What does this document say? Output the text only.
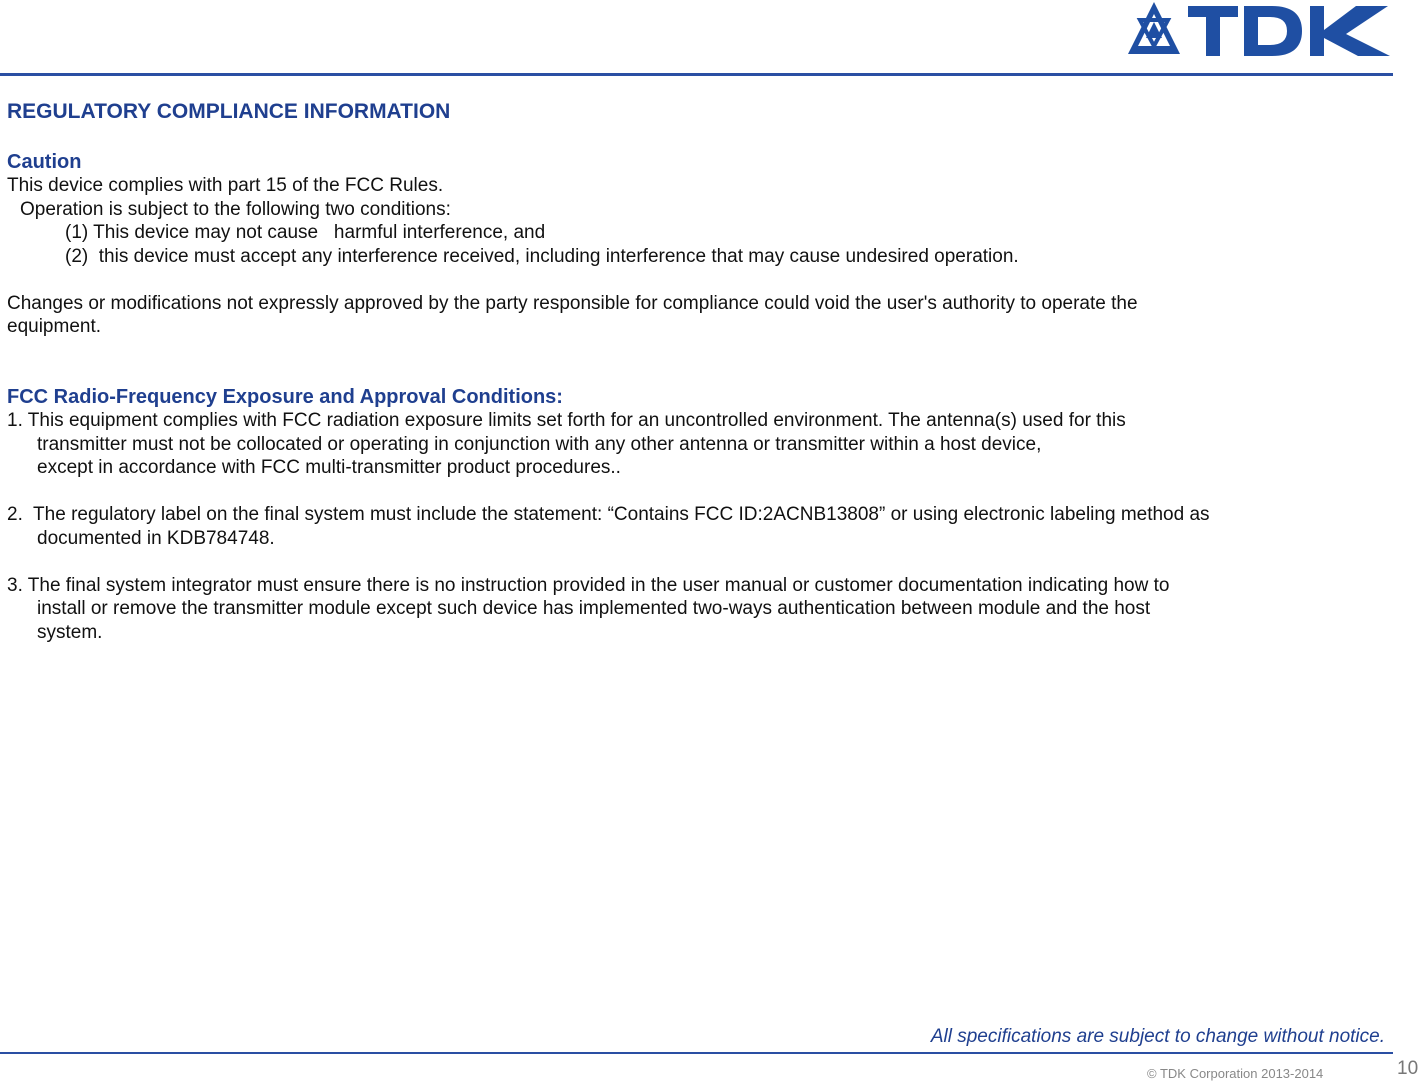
REGULATORY COMPLIANCE INFORMATION

Caution

This device complies with part 15 of the FCC Rules.

Operation is subject to the following two conditions:

(1) This device may not cause   harmful interference, and

(2)  this device must accept any interference received, including interference that may cause undesired operation.

Changes or modifications not expressly approved by the party responsible for compliance could void the user's authority to operate the

equipment.

FCC Radio-Frequency Exposure and Approval Conditions:

1. This equipment complies with FCC radiation exposure limits set forth for an uncontrolled environment. The antenna(s) used for this

transmitter must not be collocated or operating in conjunction with any other antenna or transmitter within a host device,

except in accordance with FCC multi-transmitter product procedures..

2.  The regulatory label on the final system must include the statement: “Contains FCC ID:2ACNB13808” or using electronic labeling method as

documented in KDB784748.

3. The final system integrator must ensure there is no instruction provided in the user manual or customer documentation indicating how to

install or remove the transmitter module except such device has implemented two-ways authentication between module and the host

system.

All specifications are subject to change without notice.
© TDK Corporation 2013-2014	10
